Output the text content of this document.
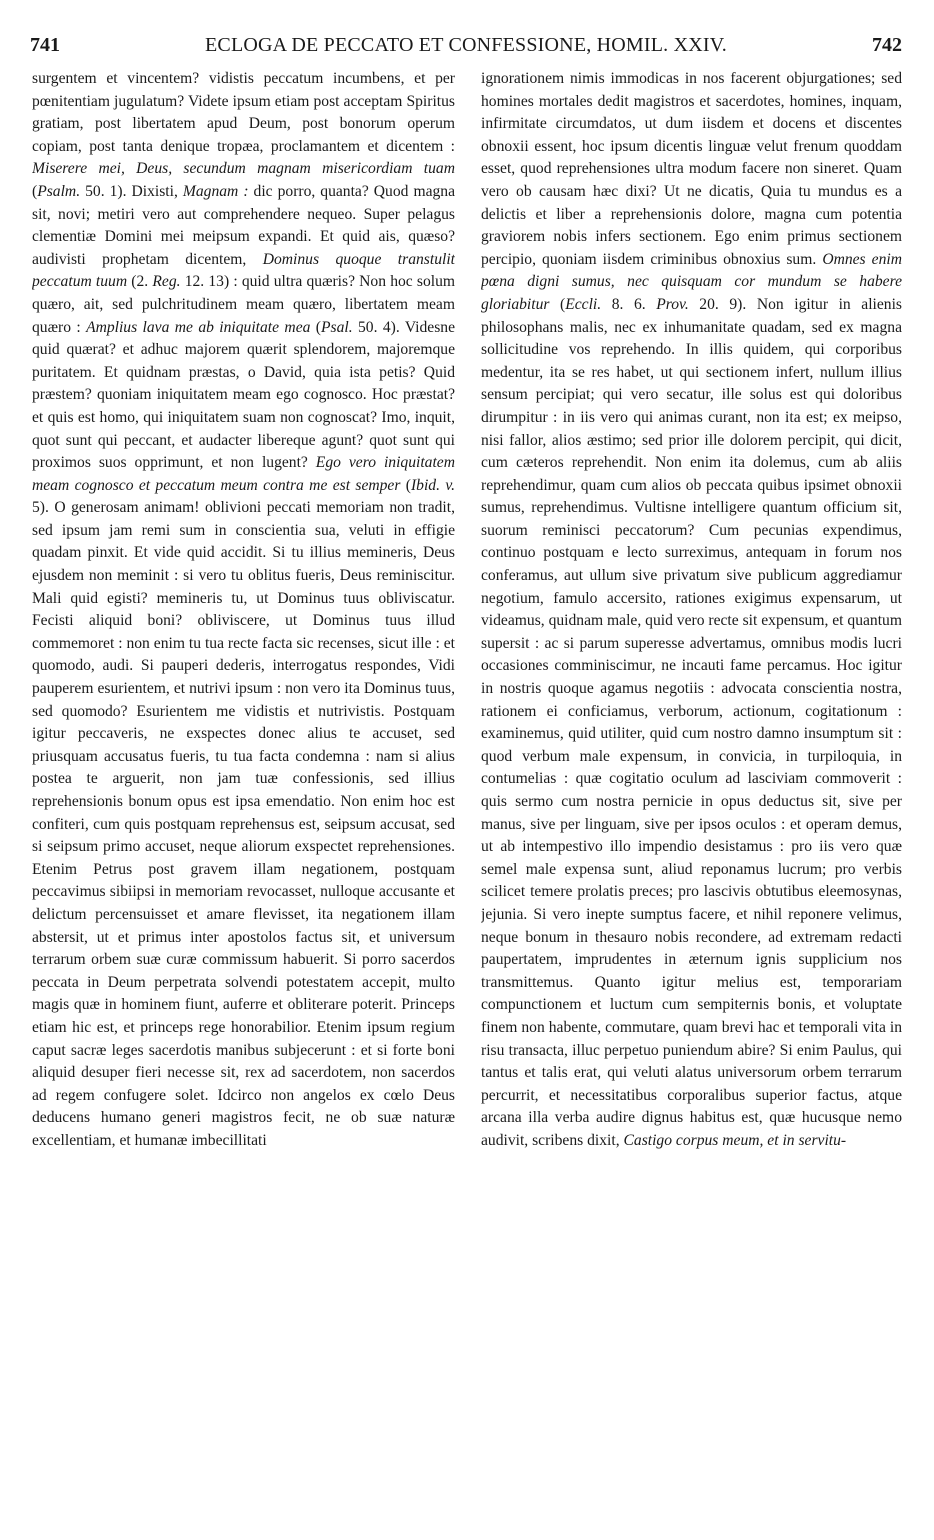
741	ECLOGA DE PECCATO ET CONFESSIONE, HOMIL. XXIV.	742

surgentem et vincentem? vidistis peccatum incumbens, et per pœnitentiam jugulatum? Videte ipsum etiam post acceptam Spiritus gratiam, post libertatem apud Deum, post bonorum operum copiam, post tanta denique tropæa, proclamantem et dicentem : Miserere mei, Deus, secundum magnam misericordiam tuam (Psalm. 50. 1). Dixisti, Magnam : dic porro, quanta? Quod magna sit, novi; metiri vero aut comprehendere nequeo. Super pelagus clementiæ Domini mei meipsum expandi. Et quid ais, quæso? audivisti prophetam dicentem, Dominus quoque transtulit peccatum tuum (2. Reg. 12. 13) : quid ultra quæris? Non hoc solum quæro, ait, sed pulchritudinem meam quæro, libertatem meam quæro : Amplius lava me ab iniquitate mea (Psal. 50. 4). Videsne quid quærat? et adhuc majorem quærit splendorem, majoremque puritatem. Et quidnam præstas, o David, quia ista petis? Quid præstem? quoniam iniquitatem meam ego cognosco. Hoc præstat? et quis est homo, qui iniquitatem suam non cognoscat? Imo, inquit, quot sunt qui peccant, et audacter libereque agunt? quot sunt qui proximos suos opprimunt, et non lugent? Ego vero iniquitatem meam cognosco et peccatum meum contra me est semper (Ibid. v. 5). O generosam animam! oblivioni peccati memoriam non tradit, sed ipsum jam remi sum in conscientia sua, veluti in effigie quadam pinxit. Et vide quid accidit. Si tu illius memineris, Deus ejusdem non meminit : si vero tu oblitus fueris, Deus reminiscitur. Mali quid egisti? memineris tu, ut Dominus tuus obliviscatur. Fecisti aliquid boni? obliviscere, ut Dominus tuus illud commemoret : non enim tu tua recte facta sic recenses, sicut ille : et quomodo, audi. Si pauperi dederis, interrogatus respondes, Vidi pauperem esurientem, et nutrivi ipsum : non vero ita Dominus tuus, sed quomodo? Esurientem me vidistis et nutrivistis. Postquam igitur peccaveris, ne exspectes donec alius te accuset, sed priusquam accusatus fueris, tu tua facta condemna : nam si alius postea te arguerit, non jam tuæ confessionis, sed illius reprehensionis bonum opus est ipsa emendatio. Non enim hoc est confiteri, cum quis postquam reprehensus est, seipsum accusat, sed si seipsum primo accuset, neque aliorum exspectet reprehensiones. Etenim Petrus post gravem illam negationem, postquam peccavimus sibiipsi in memoriam revocasset, nulloque accusante et delictum percensuisset et amare flevisset, ita negationem illam abstersit, ut et primus inter apostolos factus sit, et universum terrarum orbem suæ curæ commissum habuerit. Si porro sacerdos peccata in Deum perpetrata solvendi potestatem accepit, multo magis quæ in hominem fiunt, auferre et obliterare poterit. Princeps etiam hic est, et princeps rege honorabilior. Etenim ipsum regium caput sacræ leges sacerdotis manibus subjecerunt : et si forte boni aliquid desuper fieri necesse sit, rex ad sacerdotem, non sacerdos ad regem confugere solet. Idcirco non angelos ex cœlo Deus deducens humano generi magistros fecit, ne ob suæ naturæ excellentiam, et humanæ imbecillitati

ignorationem nimis immodicas in nos facerent objurgationes; sed homines mortales dedit magistros et sacerdotes, homines, inquam, infirmitate circumdatos, ut dum iisdem et docens et discentes obnoxii essent, hoc ipsum dicentis linguæ velut frenum quoddam esset, quod reprehensiones ultra modum facere non sineret. Quam vero ob causam hæc dixi? Ut ne dicatis, Quia tu mundus es a delictis et liber a reprehensionis dolore, magna cum potentia graviorem nobis infers sectionem. Ego enim primus sectionem percipio, quoniam iisdem criminibus obnoxius sum. Omnes enim pœna digni sumus, nec quisquam cor mundum se habere gloriabitur (Eccli. 8. 6. Prov. 20. 9). Non igitur in alienis philosophans malis, nec ex inhumanitate quadam, sed ex magna sollicitudine vos reprehendo. In illis quidem, qui corporibus medentur, ita se res habet, ut qui sectionem infert, nullum illius sensum percipiat; qui vero secatur, ille solus est qui doloribus dirumpitur : in iis vero qui animas curant, non ita est; ex meipso, nisi fallor, alios æstimo; sed prior ille dolorem percipit, qui dicit, cum cæteros reprehendit. Non enim ita dolemus, cum ab aliis reprehendimur, quam cum alios ob peccata quibus ipsimet obnoxii sumus, reprehendimus. Vultisne intelligere quantum officium sit, suorum reminisci peccatorum? Cum pecunias expendimus, continuo postquam e lecto surreximus, antequam in forum nos conferamus, aut ullum sive privatum sive publicum aggrediamur negotium, famulo accersito, rationes exigimus expensarum, ut videamus, quidnam male, quid vero recte sit expensum, et quantum supersit : ac si parum superesse advertamus, omnibus modis lucri occasiones comminiscimur, ne incauti fame percamus. Hoc igitur in nostris quoque agamus negotiis : advocata conscientia nostra, rationem ei conficiamus, verborum, actionum, cogitationum : examinemus, quid utiliter, quid cum nostro damno insumptum sit : quod verbum male expensum, in convicia, in turpiloquia, in contumelias : quæ cogitatio oculum ad lasciviam commoverit : quis sermo cum nostra pernicie in opus deductus sit, sive per manus, sive per linguam, sive per ipsos oculos : et operam demus, ut ab intempestivo illo impendio desistamus : pro iis vero quæ semel male expensa sunt, aliud reponamus lucrum; pro verbis scilicet temere prolatis preces; pro lascivis obtutibus eleemosynas, jejunia. Si vero inepte sumptus facere, et nihil reponere velimus, neque bonum in thesauro nobis recondere, ad extremam redacti paupertatem, imprudentes in æternum ignis supplicium nos transmittemus. Quanto igitur melius est, temporariam compunctionem et luctum cum sempiternis bonis, et voluptate finem non habente, commutare, quam brevi hac et temporali vita in risu transacta, illuc perpetuo puniendum abire? Si enim Paulus, qui tantus et talis erat, qui veluti alatus universorum orbem terrarum percurrit, et necessitatibus corporalibus superior factus, atque arcana illa verba audire dignus habitus est, quæ hucusque nemo audivit, scribens dixit, Castigo corpus meum, et in servitu-
